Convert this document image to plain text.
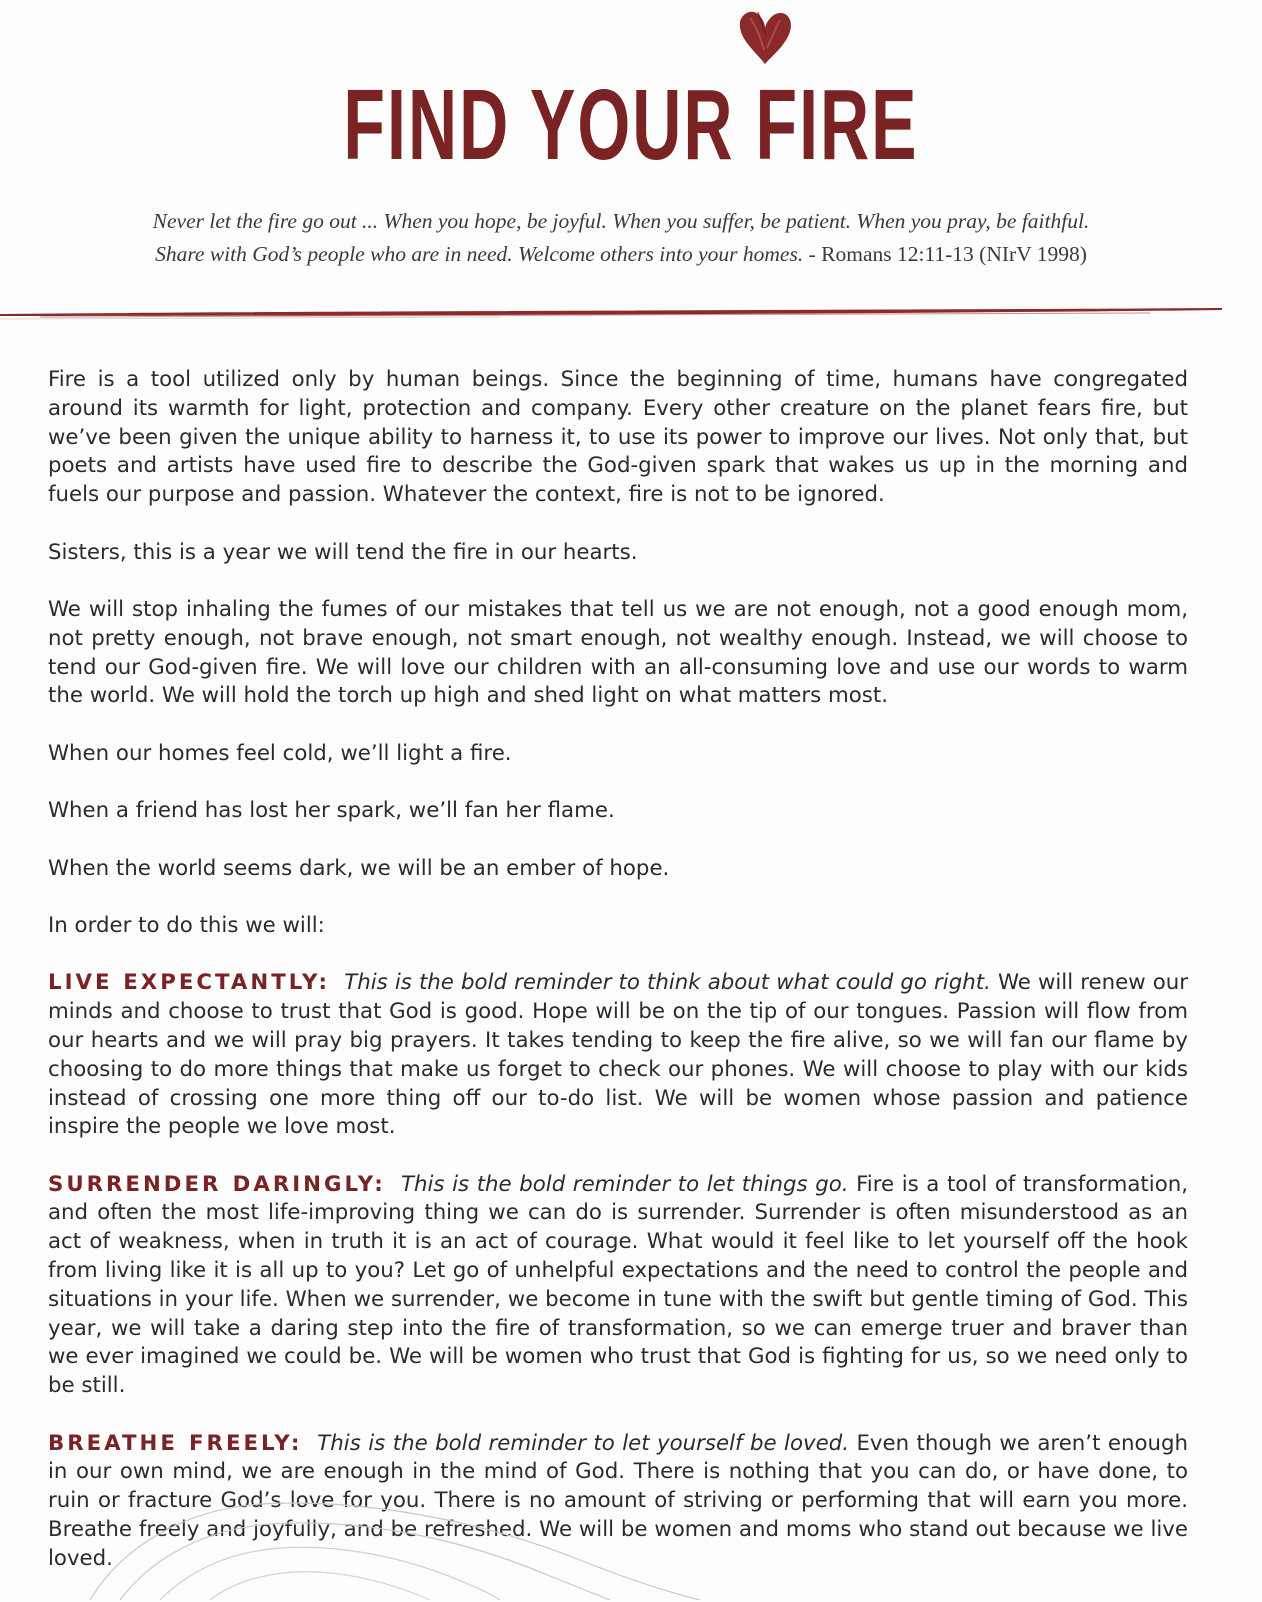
FIND YOUR FIRE
Never let the fire go out ... When you hope, be joyful. When you suffer, be patient. When you pray, be faithful.
Share with God’s people who are in need. Welcome others into your homes. - Romans 12:11-13 (NIrV 1998)

Fire is a tool utilized only by human beings. Since the beginning of time, humans have congregated around its warmth for light, protection and company. Every other creature on the planet fears fire, but we’ve been given the unique ability to harness it, to use its power to improve our lives. Not only that, but poets and artists have used fire to describe the God-given spark that wakes us up in the morning and fuels our purpose and passion. Whatever the context, fire is not to be ignored.

Sisters, this is a year we will tend the fire in our hearts.

We will stop inhaling the fumes of our mistakes that tell us we are not enough, not a good enough mom, not pretty enough, not brave enough, not smart enough, not wealthy enough. Instead, we will choose to tend our God-given fire. We will love our children with an all-consuming love and use our words to warm the world. We will hold the torch up high and shed light on what matters most.

When our homes feel cold, we’ll light a fire.

When a friend has lost her spark, we’ll fan her flame.

When the world seems dark, we will be an ember of hope.

In order to do this we will:

LIVE EXPECTANTLY: This is the bold reminder to think about what could go right. We will renew our minds and choose to trust that God is good. Hope will be on the tip of our tongues. Passion will flow from our hearts and we will pray big prayers. It takes tending to keep the fire alive, so we will fan our flame by choosing to do more things that make us forget to check our phones. We will choose to play with our kids instead of crossing one more thing off our to-do list. We will be women whose passion and patience inspire the people we love most.

SURRENDER DARINGLY: This is the bold reminder to let things go. Fire is a tool of transformation, and often the most life-improving thing we can do is surrender. Surrender is often misunderstood as an act of weakness, when in truth it is an act of courage. What would it feel like to let yourself off the hook from living like it is all up to you? Let go of unhelpful expectations and the need to control the people and situations in your life. When we surrender, we become in tune with the swift but gentle timing of God. This year, we will take a daring step into the fire of transformation, so we can emerge truer and braver than we ever imagined we could be. We will be women who trust that God is fighting for us, so we need only to be still.

BREATHE FREELY: This is the bold reminder to let yourself be loved. Even though we aren’t enough in our own mind, we are enough in the mind of God. There is nothing that you can do, or have done, to ruin or fracture God’s love for you. There is no amount of striving or performing that will earn you more. Breathe freely and joyfully, and be refreshed. We will be women and moms who stand out because we live loved.
